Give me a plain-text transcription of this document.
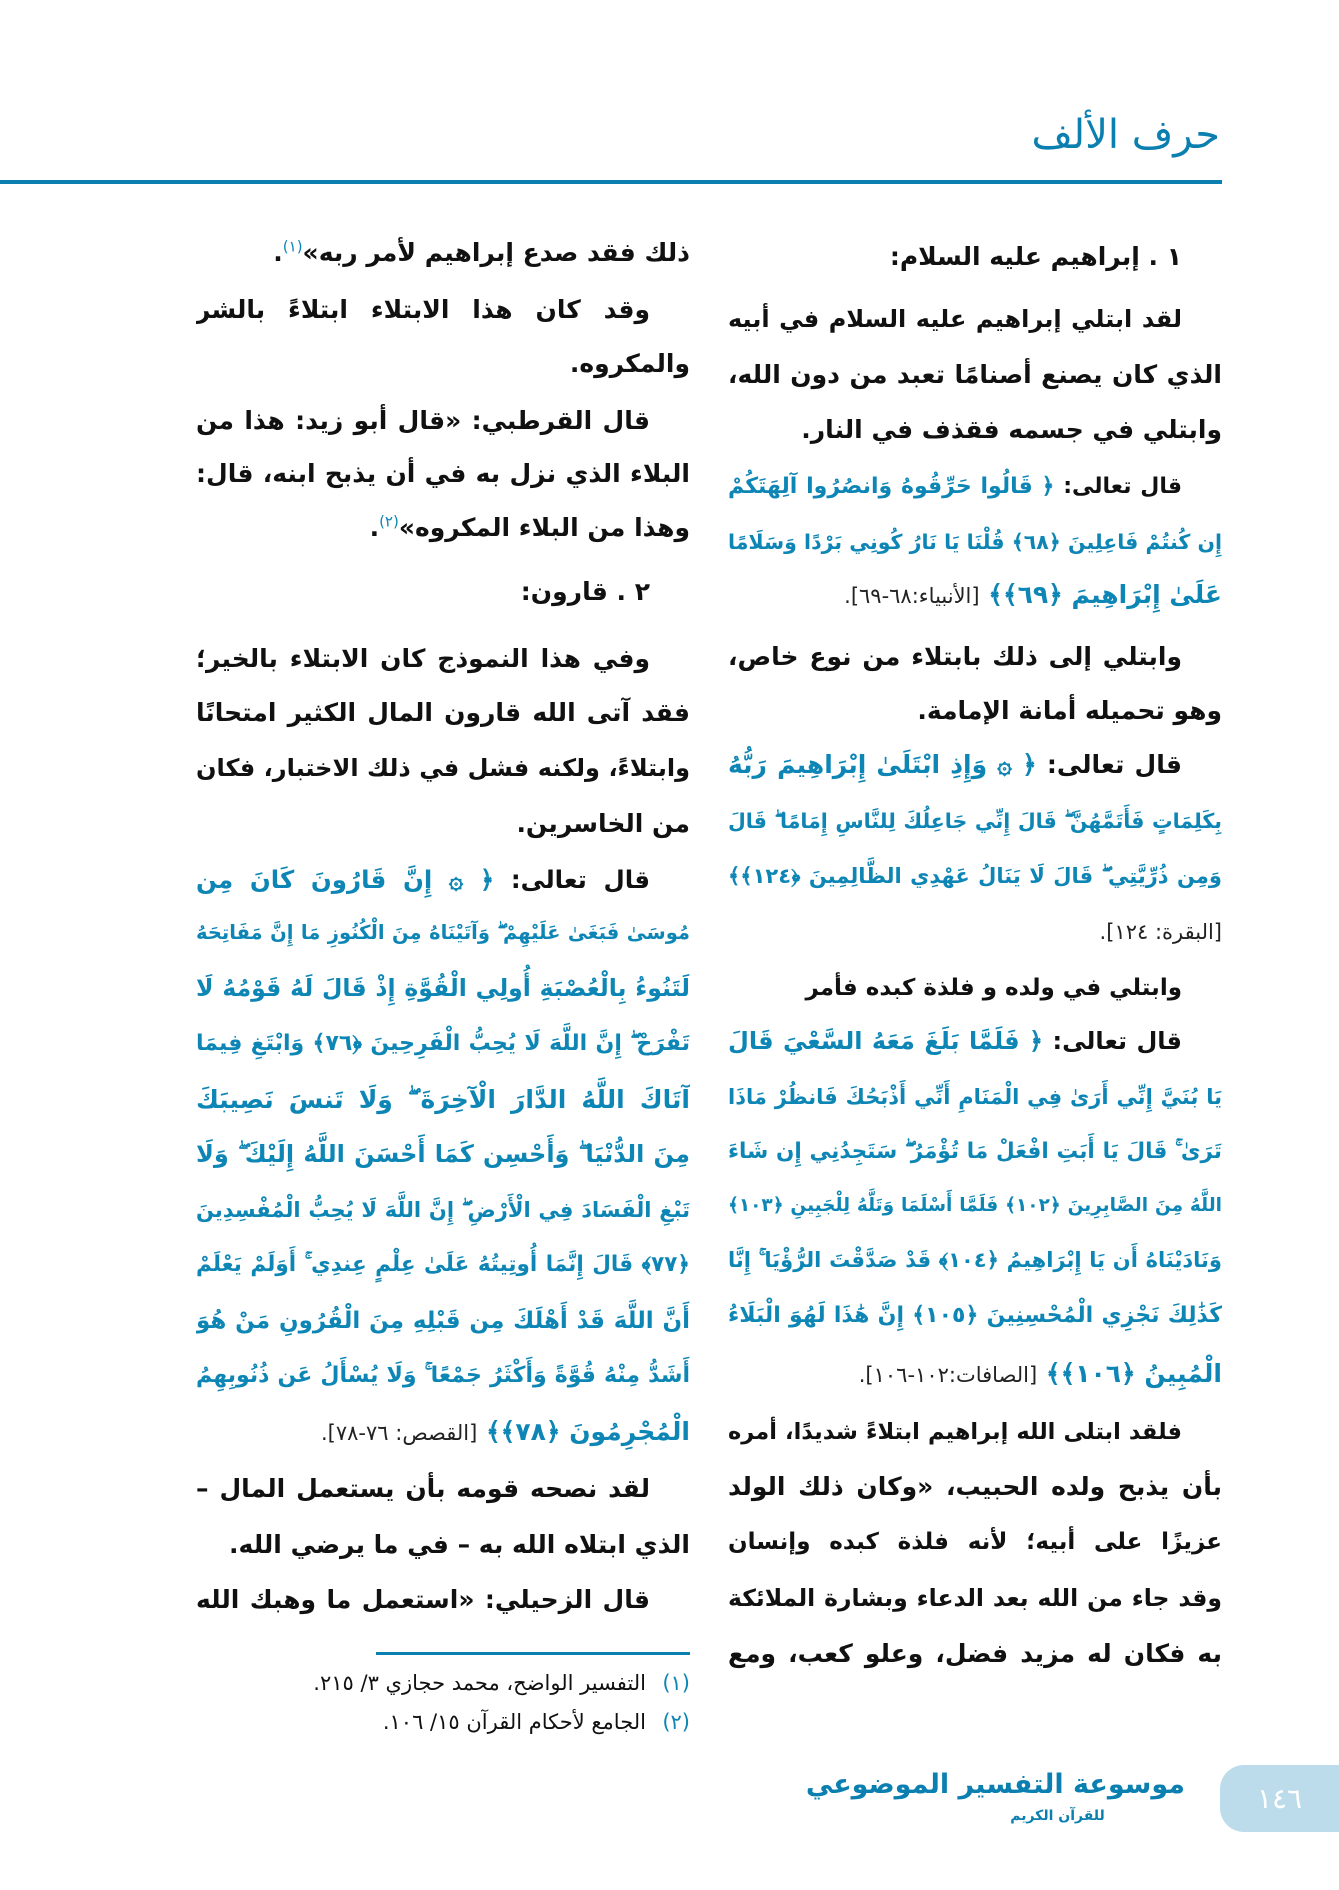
حرف الألف
١ . إبراهيم عليه السلام:
لقد ابتلي إبراهيم عليه السلام في أبيه
الذي كان يصنع أصنامًا تعبد من دون الله،
وابتلي في جسمه فقذف في النار.
قال تعالى: ﴿ قَالُوا حَرِّقُوهُ وَانصُرُوا آلِهَتَكُمْ
إِن كُنتُمْ فَاعِلِينَ ﴿٦٨﴾ قُلْنَا يَا نَارُ كُونِي بَرْدًا وَسَلَامًا
عَلَىٰ إِبْرَاهِيمَ ﴿٦٩﴾﴾ [الأنبياء:٦٨-٦٩].
وابتلي إلى ذلك بابتلاء من نوع خاص،
وهو تحميله أمانة الإمامة.
قال تعالى: ﴿ ۞ وَإِذِ ابْتَلَىٰ إِبْرَاهِيمَ رَبُّهُ
بِكَلِمَاتٍ فَأَتَمَّهُنَّ ۖ قَالَ إِنِّي جَاعِلُكَ لِلنَّاسِ إِمَامًا ۖ قَالَ
وَمِن ذُرِّيَّتِي ۖ قَالَ لَا يَنَالُ عَهْدِي الظَّالِمِينَ ﴿١٢٤﴾﴾
[البقرة: ١٢٤].
وابتلي في ولده و فلذة كبده فأمر
قال تعالى: ﴿ فَلَمَّا بَلَغَ مَعَهُ السَّعْيَ قَالَ
يَا بُنَيَّ إِنِّي أَرَىٰ فِي الْمَنَامِ أَنِّي أَذْبَحُكَ فَانظُرْ مَاذَا
تَرَىٰ ۚ قَالَ يَا أَبَتِ افْعَلْ مَا تُؤْمَرُ ۖ سَتَجِدُنِي إِن شَاءَ
اللَّهُ مِنَ الصَّابِرِينَ ﴿١٠٢﴾ فَلَمَّا أَسْلَمَا وَتَلَّهُ لِلْجَبِينِ ﴿١٠٣﴾
وَنَادَيْنَاهُ أَن يَا إِبْرَاهِيمُ ﴿١٠٤﴾ قَدْ صَدَّقْتَ الرُّؤْيَا ۚ إِنَّا
كَذَٰلِكَ نَجْزِي الْمُحْسِنِينَ ﴿١٠٥﴾ إِنَّ هَٰذَا لَهُوَ الْبَلَاءُ
الْمُبِينُ ﴿١٠٦﴾﴾ [الصافات:١٠٢-١٠٦].
فلقد ابتلى الله إبراهيم ابتلاءً شديدًا، أمره
بأن يذبح ولده الحبيب، «وكان ذلك الولد
عزيزًا على أبيه؛ لأنه فلذة كبده وإنسان
وقد جاء من الله بعد الدعاء وبشارة الملائكة
به فكان له مزيد فضل، وعلو كعب، ومع
ذلك فقد صدع إبراهيم لأمر ربه»$^{(١)}$.
وقد كان هذا الابتلاء ابتلاءً بالشر
والمكروه.
قال القرطبي: «قال أبو زيد: هذا من
البلاء الذي نزل به في أن يذبح ابنه، قال:
وهذا من البلاء المكروه»$^{(٢)}$.
٢ . قارون:
وفي هذا النموذج كان الابتلاء بالخير؛
فقد آتى الله قارون المال الكثير امتحانًا
وابتلاءً، ولكنه فشل في ذلك الاختبار، فكان
من الخاسرين.
قال تعالى: ﴿ ۞ إِنَّ قَارُونَ كَانَ مِن
مُوسَىٰ فَبَغَىٰ عَلَيْهِمْ ۖ وَآتَيْنَاهُ مِنَ الْكُنُوزِ مَا إِنَّ مَفَاتِحَهُ
لَتَنُوءُ بِالْعُصْبَةِ أُولِي الْقُوَّةِ إِذْ قَالَ لَهُ قَوْمُهُ لَا
تَفْرَحْ ۖ إِنَّ اللَّهَ لَا يُحِبُّ الْفَرِحِينَ ﴿٧٦﴾ وَابْتَغِ فِيمَا
آتَاكَ اللَّهُ الدَّارَ الْآخِرَةَ ۖ وَلَا تَنسَ نَصِيبَكَ
مِنَ الدُّنْيَا ۖ وَأَحْسِن كَمَا أَحْسَنَ اللَّهُ إِلَيْكَ ۖ وَلَا
تَبْغِ الْفَسَادَ فِي الْأَرْضِ ۖ إِنَّ اللَّهَ لَا يُحِبُّ الْمُفْسِدِينَ
﴿٧٧﴾ قَالَ إِنَّمَا أُوتِيتُهُ عَلَىٰ عِلْمٍ عِندِي ۚ أَوَلَمْ يَعْلَمْ
أَنَّ اللَّهَ قَدْ أَهْلَكَ مِن قَبْلِهِ مِنَ الْقُرُونِ مَنْ هُوَ
أَشَدُّ مِنْهُ قُوَّةً وَأَكْثَرُ جَمْعًا ۚ وَلَا يُسْأَلُ عَن ذُنُوبِهِمُ
الْمُجْرِمُونَ ﴿٧٨﴾﴾ [القصص: ٧٦-٧٨].
لقد نصحه قومه بأن يستعمل المال –
الذي ابتلاه الله به – في ما يرضي الله.
قال الزحيلي: «استعمل ما وهبك الله
(١)التفسير الواضح، محمد حجازي ٣/ ٢١٥.
(٢)الجامع لأحكام القرآن ١٥/ ١٠٦.
موسوعة التفسير الموضوعي
للقرآن الكريم
١٤٦
